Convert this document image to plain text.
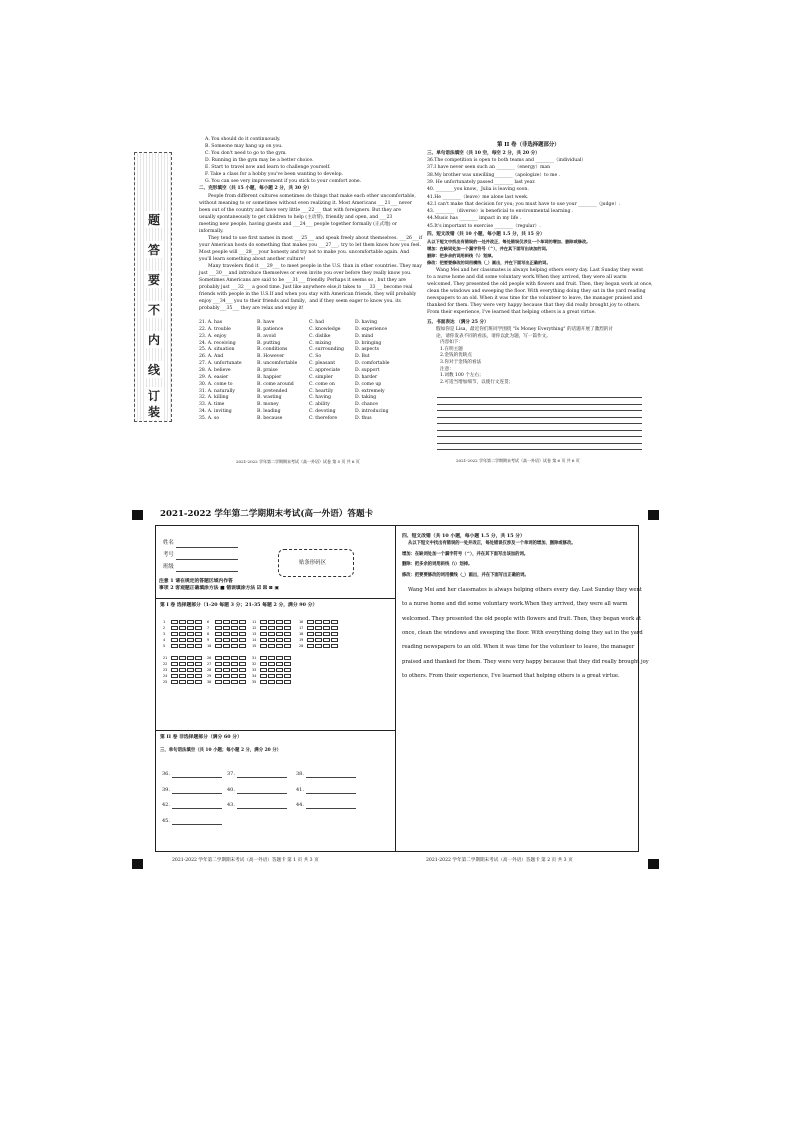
题
答
要
不
内
线
订
装
A. You should do it continuously.
B. Someone may hang up on you.
C. You don't need to go to the gym.
D. Running in the gym may be a better choice.
E. Start to travel now and learn to challenge yourself.
F. Take a class for a hobby you've been wanting to develop.
G. You can see very improvement if you stick to your comfort zone.
二、完形填空（共 15 小题，每小题 2 分，共 30 分）
People from different cultures sometimes do things that make each other uncomfortable,
without meaning to or sometimes without even realizing it. Most Americans ___21___ never
been out of the country and have very little ___22___ that with foreigners. But they are
usually spontaneously to get children to help (主动帮), friendly and open, and ___23
meeting new people, having guests and ___24___ people together formally (正式地) or
informally.
They tend to use first names in most ___25___ and speak freely about themselves. ___26___if
your American hosts do something that makes you ___27___, try to let them know how you feel.
Most people will ___28___your honesty and try not to make you. uncomfortable again. And
you'll learn something about another culture!
Many travelers find it ___29___ to meet people in the U.S. than in other countries. They may
just ___30___and introduce themselves or even invite you over before they really know you.
Sometimes Americans are said to be ___31___ friendly. Perhaps it seems so , but they are
probably just ___32___ a good time. Just like anywhere else,it takes to ___33___ become real
friends with people in the U.S.If and when you stay with American friends, they will probably
enjoy ___34___ you to their friends and family，and if they seem eager to know you. its
probably___35___ they are relax and enjoy it!
21. A. has	B. have	C. had	D. having
22. A. trouble	B. patience	C. knowledge	D. experience
23. A. enjoy	B. avoid	C. dislike	D. mind
24. A. receiving	B. putting	C. mixing	D. bringing
25. A. situation	B. conditions	C. surrounding D. aspects
26. A. And	B. However	C. So	D. But
27. A. unfortunate	B. uncomfortable	C. pleasant	D. comfortable
28. A. believe	B. praise	C. appreciate	D. support
29. A. easier	B. happier	C. simpler	D. harder
30. A. come to	B. come around	C. come on	D. come up
31. A. naturally	B. pretended	C. heartily	D. extremely
32. A. killing	B. wasting	C. having	D. taking
33. A. time	B. money	C. ability	D. chance
34. A. inviting	B. leading	C. devoting	D. introducing
35. A. so	B. because	C. therefore	D. thus
2021-2022 学年第二学期期末考试（高一外语）试卷 第 5 页 共 6 页
第 II 卷（非选择题部分）
三、单句语法填空（共 10 空，每空 2 分，共 20 分）
36.The competition is open to both teams and ________（individual）
37.I have never seen such an ________（energy）man
38.My brother was unwilling________（apologize）to me .
39. He unfortunately passed ________ last year.
40. ________you know，Julia is leaving soon.
41.He ________（leave）me alone last week.
42.I can't make that decision for you; you must have to use your ________（judge）.
43. ________（diverse）is beneficial to environmental learning .
44.Music has ________ impact in my life .
45.It's important to exercise ________（regular）.
四、短文改错（共 10 小题，每小题 1.5 分，共 15 分）
从以下短文中找出有错误的一处并改正，每处错误仅涉及一个单词的增加、删除或修改。
增加：在缺词处加一个漏字符号（^），并在其下面写出该加的词。
删除：把多余的词用斜线（\）划掉。
修改：把要要修改的词用横线（_）画出，并在下面写出正确的词。
Wang Mei and her classmates is always helping others every day. Last Sunday they went
to a nurse home and did some voluntary work.When they arrived, they were all warm
welcomed. They presented the old people with flowers and fruit. Then, they began work at once,
clean the windows and sweeping the floor. With everything doing they sat in the yard reading
newspapers to an old. When it was time for the volunteer to leave, the manager praised and
thanked for them. They were very happy because that they did really brought joy to others.
From their experience, I've learned that helping others is a great virtue.
五、书面表达 （满分 25 分）
假如你是 Lisa，最近你们班同学围绕 "Is Money Everything" 的话题开展了激烈的讨
论，请你发表不同的看法，请你以此为题，写一篇作文。
内容如下：
1.在明主题
2.金钱的优缺点
3.你对于金钱的看法
注意：
1.词数 100 个左右；
2.可适当增加细节，以使行文连贯；
2021-2022 学年第二学期期末考试（高一外语）试卷 第 6 页 共 6 页
2021-2022 学年第二学期期末考试(高一外语）答题卡
姓名
考号
班级
贴条形码区
注意 1 请在规定的答题区域内作答
事项 2 客观题正确填涂方法 ■ 错误填涂方法 ☑ ☒ ⊠ ▣
第 I 卷 选择题部分（1-20 每题 3 分；21-35 每题 2 分，满分 90 分）
1
2
3
4
5
6
7
8
9
10
11
12
13
14
15
16
17
18
19
20
21
22
23
24
25
26
27
28
29
30
31
32
33
34
35
第 II 卷 非选择题部分（满分 60 分）
三、单句语法填空（共 10 小题；每小题 2 分，满分 20 分）
36.	37.	38.
39.	40.	41.
42.	43.	44.
45.
四、短文改错（共 10 小题，每小题 1.5 分，共 15 分）
从以下短文中找出有错误的一处并改正，每处错误仅涉及一个单词的增加、删除或修改。
增加：在缺词处加一个漏字符号（^），并在其下面写出该加的词。
删除：把多余的词用斜线（\）划掉。
修改：把要要修改的词用横线（_）画出，并在下面写出正确的词。
Wang Mei and her classmates is always helping others every day. Last Sunday they went
to a nurse home and did some voluntary work.When they arrived, they were all warm
welcomed. They presented the old people with flowers and fruit. Then, they began work at
once, clean the windows and sweeping the floor. With everything doing they sat in the yard
reading newspapers to an old. When it was time for the volunteer to leave, the manager
praised and thanked for them. They were very happy because that they did really brought joy
to others. From their experience, I've learned that helping others is a great virtue.
2021-2022 学年第二学期期末考试（高一外语）答题卡 第 1 页 共 3 页	2021-2022 学年第二学期期末考试（高一外语）答题卡 第 2 页 共 3 页
